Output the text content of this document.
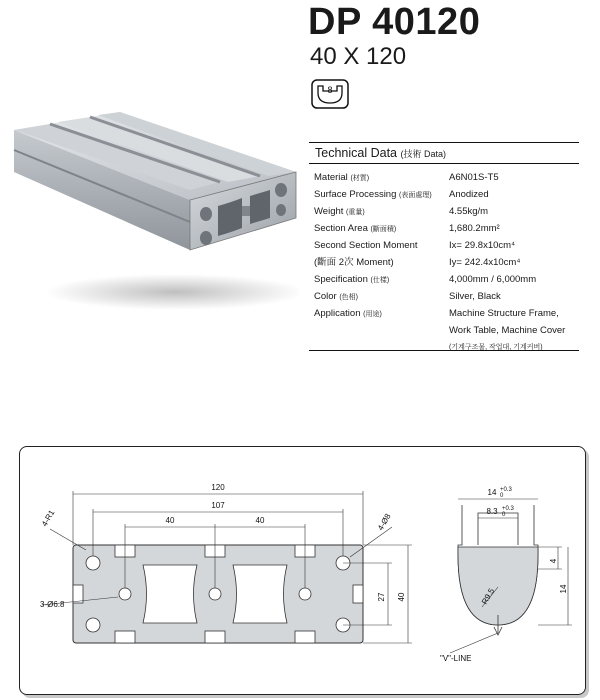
DP 40120
40 X 120
8
Technical Data (技術 Data)
Material (材質)	A6N01S-T5
Surface Processing (表面處理) Anodized
Weight (重量)	4.55kg/m
Section Area (斷面積)	1,680.2mm²
Second Section Moment	Ix= 29.8x10cm⁴
(斷面 2次 Moment)	Iy= 242.4x10cm⁴
Specification (仕樣)	4,000mm / 6,000mm
Color (色相)	Silver, Black
Application (用途)	Machine Structure Frame,
Work Table, Machine Cover
(기계구조물, 작업대, 기계커버)
120
107
40	40
40
27
4-R1	4-Ø8
3-Ø6.8
14 +0.3
0
8.3 +0.3
0
4
14
R9.5
"V"-LINE
